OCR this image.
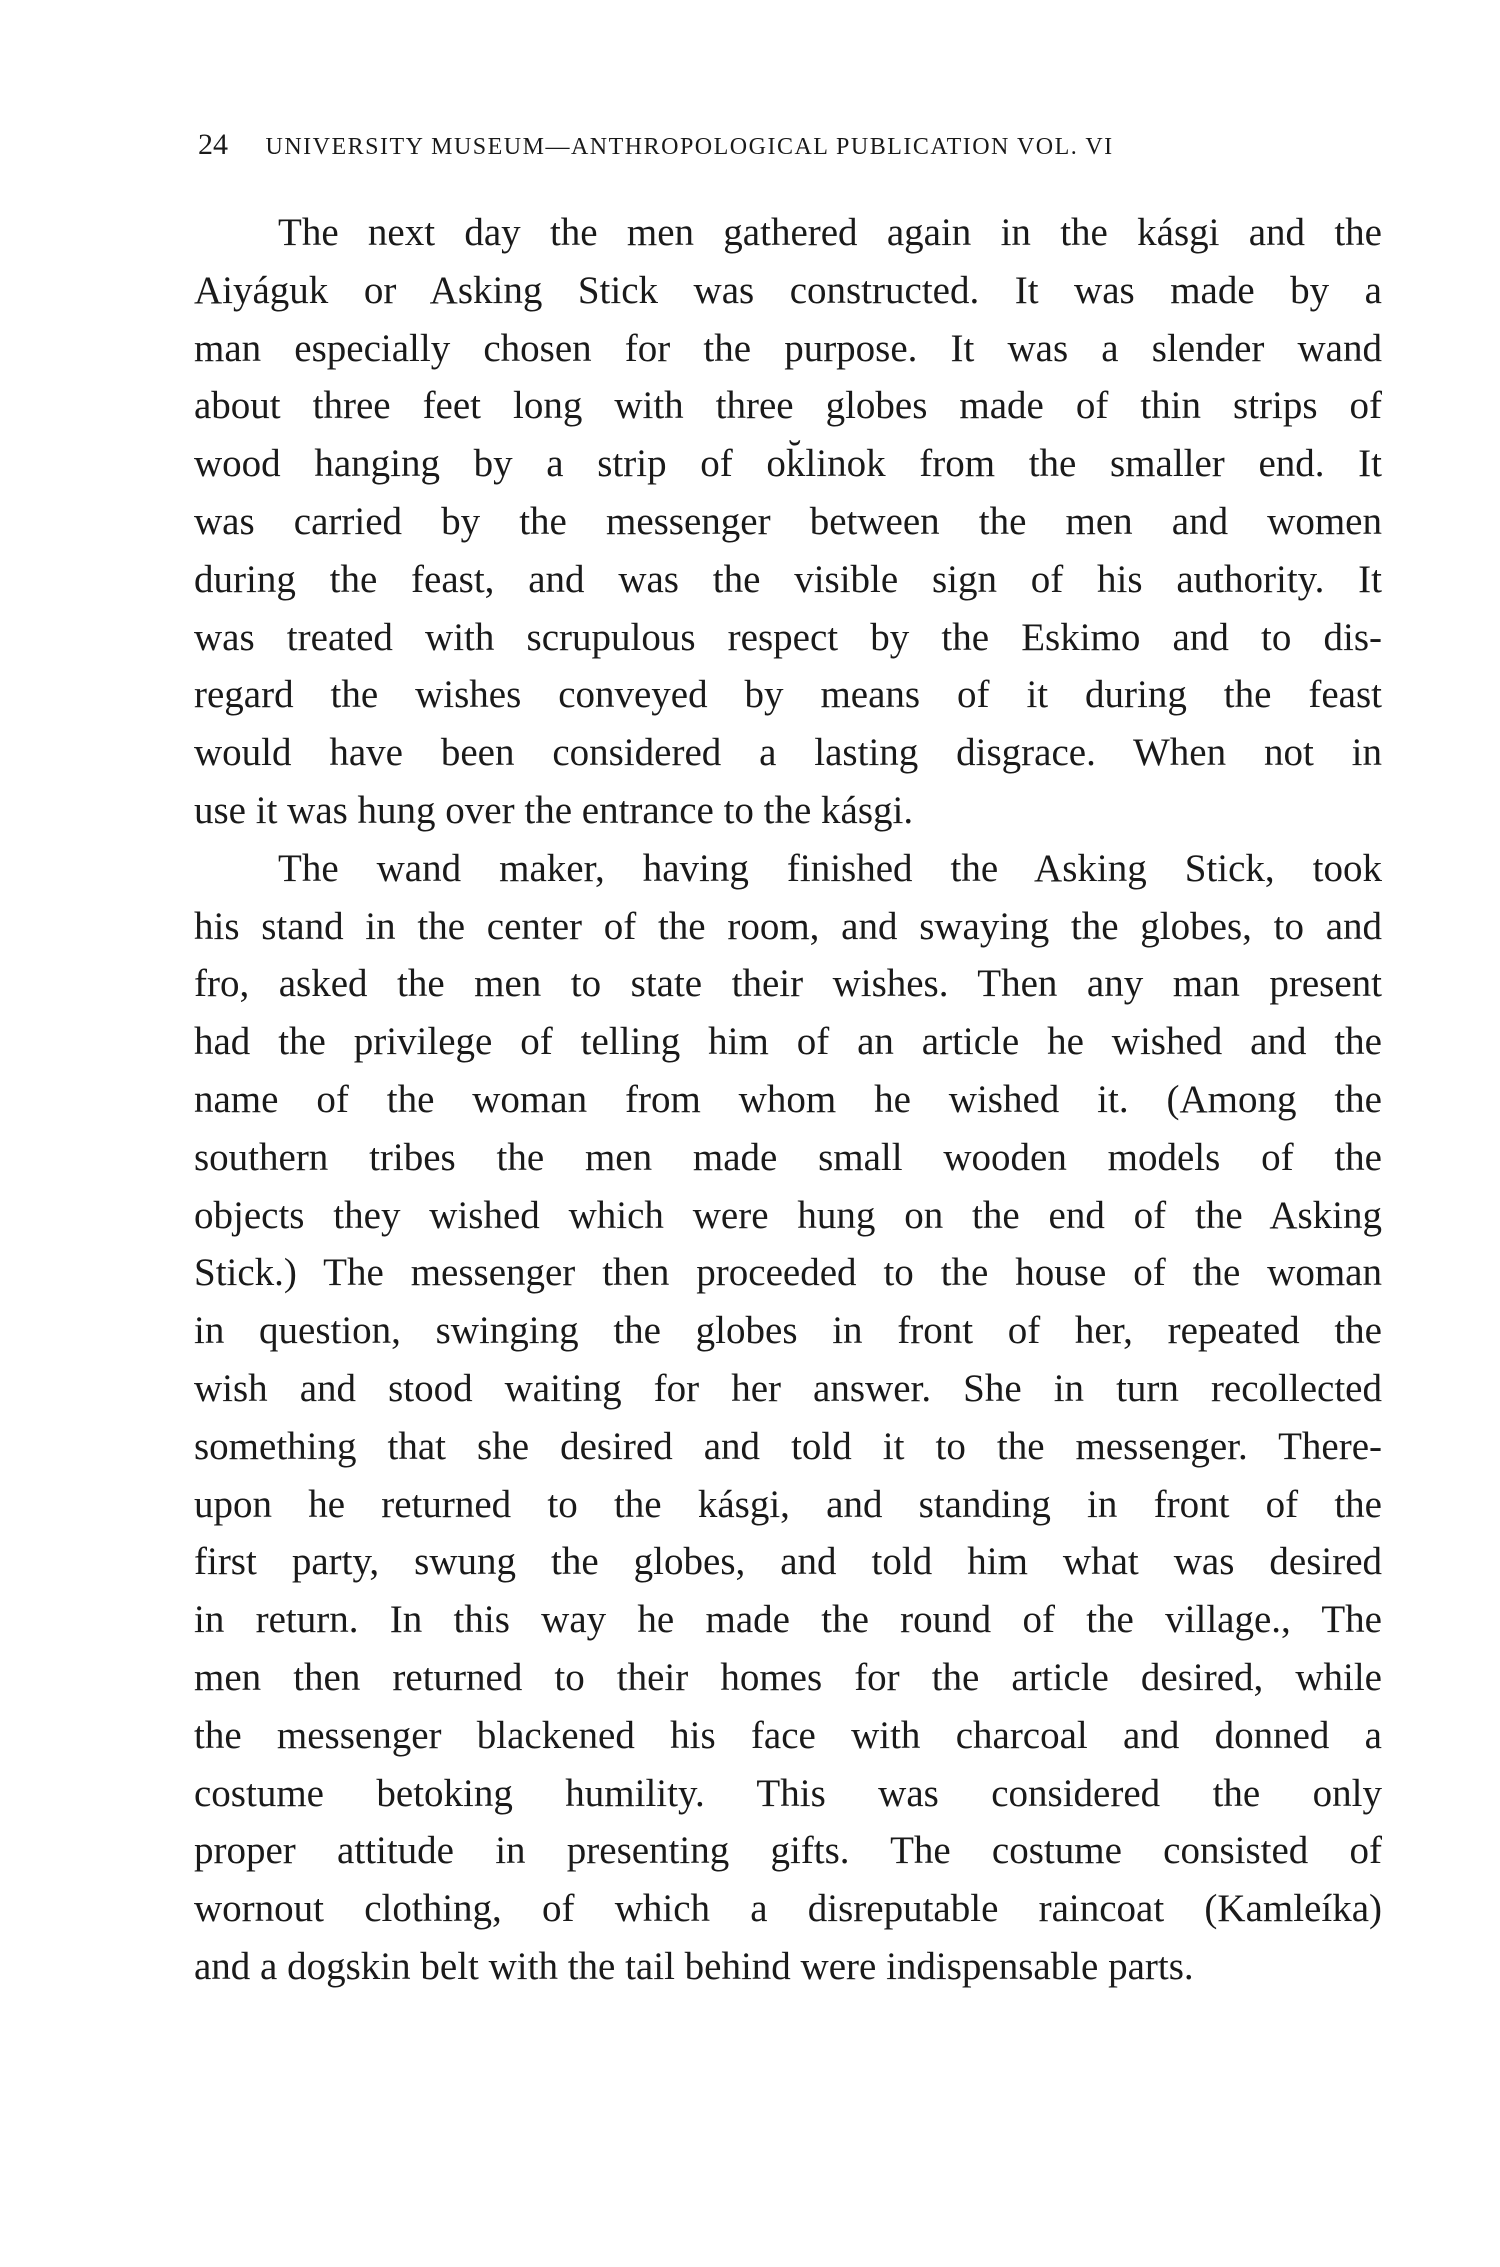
24 UNIVERSITY MUSEUM—ANTHROPOLOGICAL PUBLICATION VOL. VI
The next day the men gathered again in the kásgi and the
Aiyáguk or Asking Stick was constructed. It was made by a
man especially chosen for the purpose. It was a slender wand
about three feet long with three globes made of thin strips of
wood hanging by a strip of ok̆linok from the smaller end. It
was carried by the messenger between the men and women
during the feast, and was the visible sign of his authority. It
was treated with scrupulous respect by the Eskimo and to dis-
regard the wishes conveyed by means of it during the feast
would have been considered a lasting disgrace. When not in
use it was hung over the entrance to the kásgi.
The wand maker, having finished the Asking Stick, took
his stand in the center of the room, and swaying the globes, to and
fro, asked the men to state their wishes. Then any man present
had the privilege of telling him of an article he wished and the
name of the woman from whom he wished it. (Among the
southern tribes the men made small wooden models of the
objects they wished which were hung on the end of the Asking
Stick.) The messenger then proceeded to the house of the woman
in question, swinging the globes in front of her, repeated the
wish and stood waiting for her answer. She in turn recollected
something that she desired and told it to the messenger. There-
upon he returned to the kásgi, and standing in front of the
first party, swung the globes, and told him what was desired
in return. In this way he made the round of the village., The
men then returned to their homes for the article desired, while
the messenger blackened his face with charcoal and donned a
costume betoking humility. This was considered the only
proper attitude in presenting gifts. The costume consisted of
wornout clothing, of which a disreputable raincoat (Kamleíka)
and a dogskin belt with the tail behind were indispensable parts.
